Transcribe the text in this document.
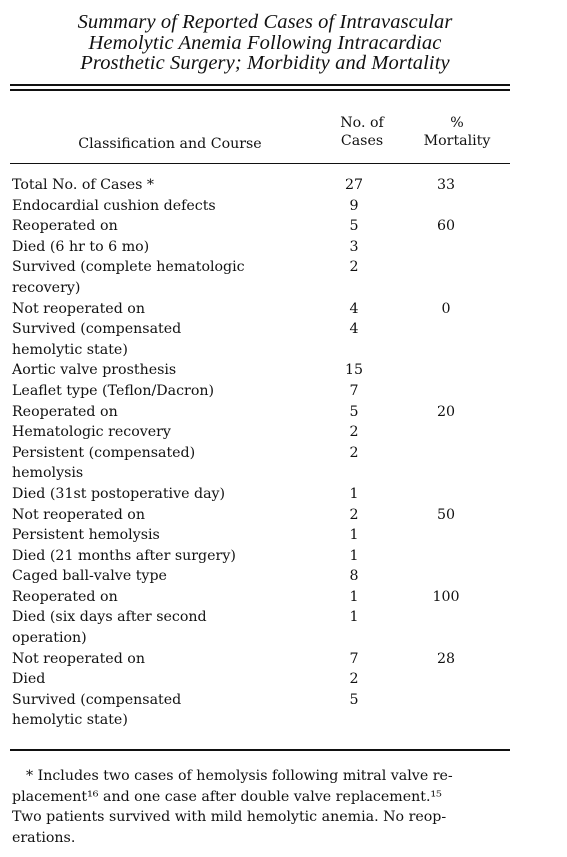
Summary of Reported Cases of Intravascular
Hemolytic Anemia Following Intracardiac
Prosthetic Surgery; Morbidity and Mortality
Classification and Course
No. of
Cases
%
Mortality
Total No. of Cases *	27	33
Endocardial cushion defects	9	
Reoperated on	5	60
Died (6 hr to 6 mo)	3	
Survived (complete hematologic	2	
recovery)		
Not reoperated on	4	0
Survived (compensated	4	
hemolytic state)		
Aortic valve prosthesis	15	
Leaflet type (Teflon/Dacron)	7	
Reoperated on	5	20
Hematologic recovery	2	
Persistent (compensated)	2	
hemolysis		
Died (31st postoperative day)	1	
Not reoperated on	2	50
Persistent hemolysis	1	
Died (21 months after surgery)	1	
Caged ball-valve type	8	
Reoperated on	1	100
Died (six days after second	1	
operation)		
Not reoperated on	7	28
Died	2	
Survived (compensated	5	
hemolytic state)		
* Includes two cases of hemolysis following mitral valve re-
placement¹⁶ and one case after double valve replacement.¹⁵
Two patients survived with mild hemolytic anemia. No reop-
erations.
